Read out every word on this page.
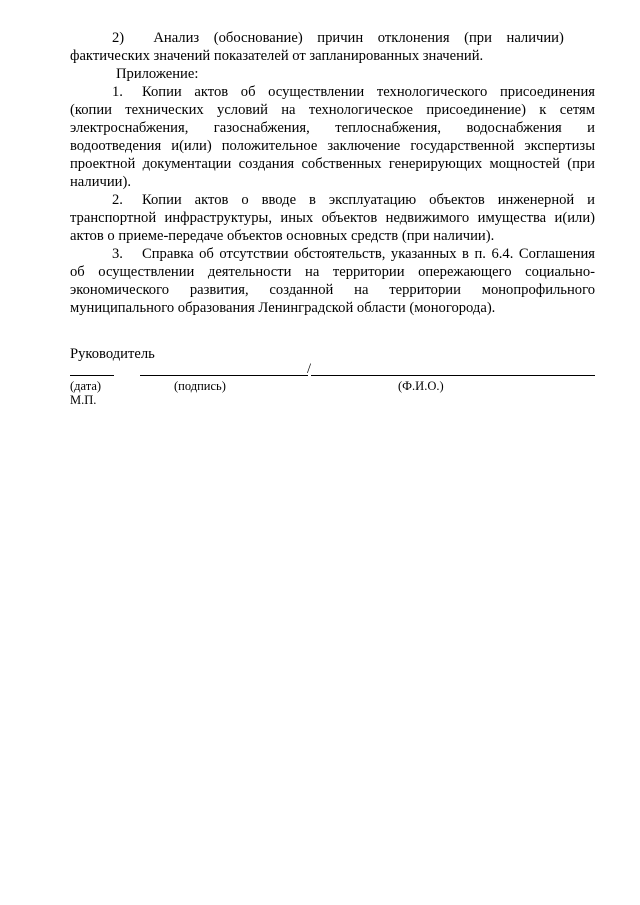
2)  Анализ (обоснование) причин отклонения (при наличии) фактических значений показателей от запланированных значений.

Приложение:

1. Копии актов об осуществлении технологического присоединения (копии технических условий на технологическое присоединение) к сетям электроснабжения, газоснабжения, теплоснабжения, водоснабжения и водоотведения и(или) положительное заключение государственной экспертизы проектной документации создания собственных генерирующих мощностей (при наличии).

2. Копии актов о вводе в эксплуатацию объектов инженерной и транспортной инфраструктуры, иных объектов недвижимого имущества и(или) актов о приеме-передаче объектов основных средств (при наличии).

3. Справка об отсутствии обстоятельств, указанных в п. 6.4. Соглашения об осуществлении деятельности на территории опережающего социально-экономического развития, созданной на территории монопрофильного муниципального образования Ленинградской области (моногорода).

Руководитель
/
(дата)	(подпись)	(Ф.И.О.)
М.П.
